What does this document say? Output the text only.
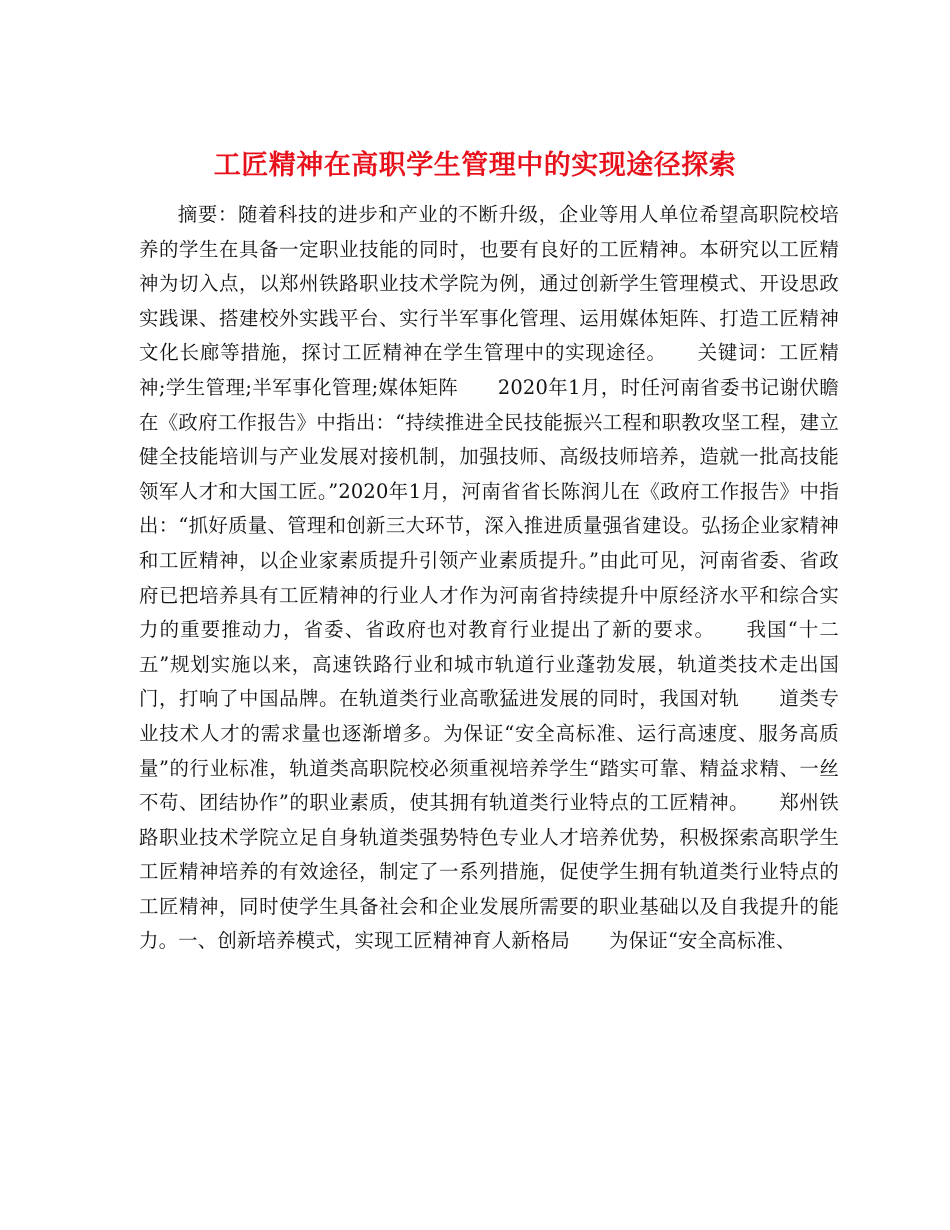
工匠精神在高职学生管理中的实现途径探索

摘要：随着科技的进步和产业的不断升级，企业等用人单位希望高职院校培养的学生在具备一定职业技能的同时，也要有良好的工匠精神。本研究以工匠精神为切入点，以郑州铁路职业技术学院为例，通过创新学生管理模式、开设思政实践课、搭建校外实践平台、实行半军事化管理、运用媒体矩阵、打造工匠精神文化长廊等措施，探讨工匠精神在学生管理中的实现途径。　　关键词：工匠精神;学生管理;半军事化管理;媒体矩阵　　2020年1月，时任河南省委书记谢伏瞻在《政府工作报告》中指出：“持续推进全民技能振兴工程和职教攻坚工程，建立健全技能培训与产业发展对接机制，加强技师、高级技师培养，造就一批高技能领军人才和大国工匠。”2020年1月，河南省省长陈润儿在《政府工作报告》中指出：“抓好质量、管理和创新三大环节，深入推进质量强省建设。弘扬企业家精神和工匠精神，以企业家素质提升引领产业素质提升。”由此可见，河南省委、省政府已把培养具有工匠精神的行业人才作为河南省持续提升中原经济水平和综合实力的重要推动力，省委、省政府也对教育行业提出了新的要求。　　我国“十二五”规划实施以来，高速铁路行业和城市轨道行业蓬勃发展，轨道类技术走出国门，打响了中国品牌。在轨道类行业高歌猛进发展的同时，我国对轨　　道类专业技术人才的需求量也逐渐增多。为保证“安全高标准、运行高速度、服务高质量”的行业标准，轨道类高职院校必须重视培养学生“踏实可靠、精益求精、一丝不苟、团结协作”的职业素质，使其拥有轨道类行业特点的工匠精神。　　郑州铁路职业技术学院立足自身轨道类强势特色专业人才培养优势，积极探索高职学生工匠精神培养的有效途径，制定了一系列措施，促使学生拥有轨道类行业特点的工匠精神，同时使学生具备社会和企业发展所需要的职业基础以及自我提升的能力。一、创新培养模式，实现工匠精神育人新格局　　为保证“安全高标准、
